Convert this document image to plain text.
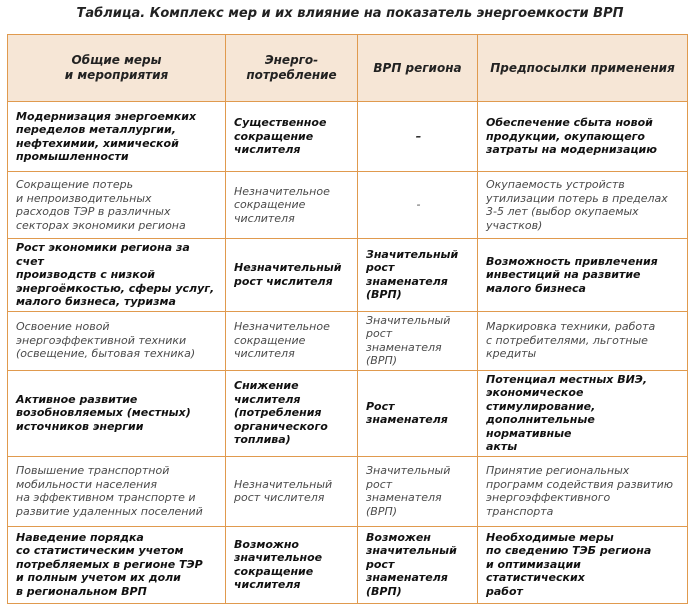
Таблица. Комплекс мер и их влияние на показатель энергоемкости ВРП
Общие меры
и мероприятия	Энерго-
потребление	ВРП региона	Предпосылки применения
Модернизация энергоемких
переделов металлургии,
нефтехимии, химической
промышленности	Существенное
сокращение
числителя	–	Обеспечение сбыта новой
продукции, окупающего
затраты на модернизацию
Сокращение потерь
и непроизводительных
расходов ТЭР в различных
секторах экономики региона	Незначительное
сокращение
числителя	-	Окупаемость устройств
утилизации потерь в пределах
3-5 лет (выбор окупаемых
участков)
Рост экономики региона за счет
производств с низкой
энергоёмкостью, сферы услуг,
малого бизнеса, туризма	Незначительный
рост числителя	Значительный
рост
знаменателя
(ВРП)	Возможность привлечения
инвестиций на развитие
малого бизнеса
Освоение новой
энергоэффективной техники
(освещение, бытовая техника)	Незначительное
сокращение
числителя	Значительный
рост знаменателя
(ВРП)	Маркировка техники, работа
с потребителями, льготные
кредиты
Активное развитие
возобновляемых (местных)
источников энергии	Снижение
числителя
(потребления
органического
топлива)	Рост
знаменателя	Потенциал местных ВИЭ,
экономическое стимулирование,
дополнительные нормативные
акты
Повышение транспортной
мобильности населения
на эффективном транспорте и
развитие удаленных поселений	Незначительный
рост числителя	Значительный
рост
знаменателя
(ВРП)	Принятие региональных
программ содействия развитию
энергоэффективного
транспорта
Наведение порядка
со статистическим учетом
потребляемых в регионе ТЭР
и полным учетом их доли
в региональном ВРП	Возможно
значительное
сокращение
числителя	Возможен
значительный
рост
знаменателя
(ВРП)	Необходимые меры
по сведению ТЭБ региона
и оптимизации статистических
работ
